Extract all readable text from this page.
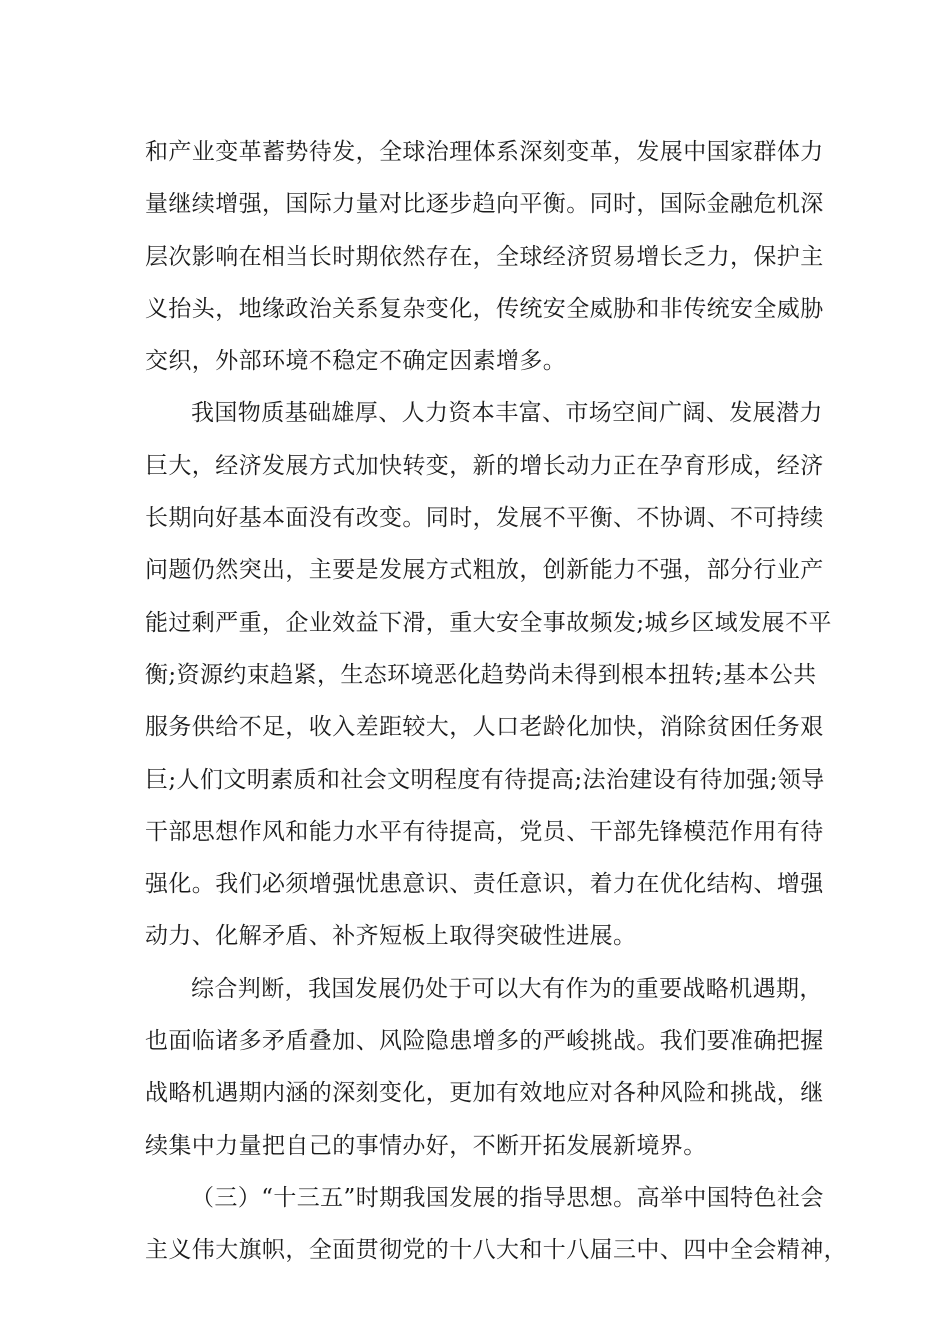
和产业变革蓄势待发，全球治理体系深刻变革，发展中国家群体力
量继续增强，国际力量对比逐步趋向平衡。同时，国际金融危机深
层次影响在相当长时期依然存在，全球经济贸易增长乏力，保护主
义抬头，地缘政治关系复杂变化，传统安全威胁和非传统安全威胁
交织，外部环境不稳定不确定因素增多。
我国物质基础雄厚、人力资本丰富、市场空间广阔、发展潜力
巨大，经济发展方式加快转变，新的增长动力正在孕育形成，经济
长期向好基本面没有改变。同时，发展不平衡、不协调、不可持续
问题仍然突出，主要是发展方式粗放，创新能力不强，部分行业产
能过剩严重，企业效益下滑，重大安全事故频发;城乡区域发展不平
衡;资源约束趋紧，生态环境恶化趋势尚未得到根本扭转;基本公共
服务供给不足，收入差距较大，人口老龄化加快，消除贫困任务艰
巨;人们文明素质和社会文明程度有待提高;法治建设有待加强;领导
干部思想作风和能力水平有待提高，党员、干部先锋模范作用有待
强化。我们必须增强忧患意识、责任意识，着力在优化结构、增强
动力、化解矛盾、补齐短板上取得突破性进展。
综合判断，我国发展仍处于可以大有作为的重要战略机遇期，
也面临诸多矛盾叠加、风险隐患增多的严峻挑战。我们要准确把握
战略机遇期内涵的深刻变化，更加有效地应对各种风险和挑战，继
续集中力量把自己的事情办好，不断开拓发展新境界。
（三）“十三五”时期我国发展的指导思想。高举中国特色社会
主义伟大旗帜，全面贯彻党的十八大和十八届三中、四中全会精神，
